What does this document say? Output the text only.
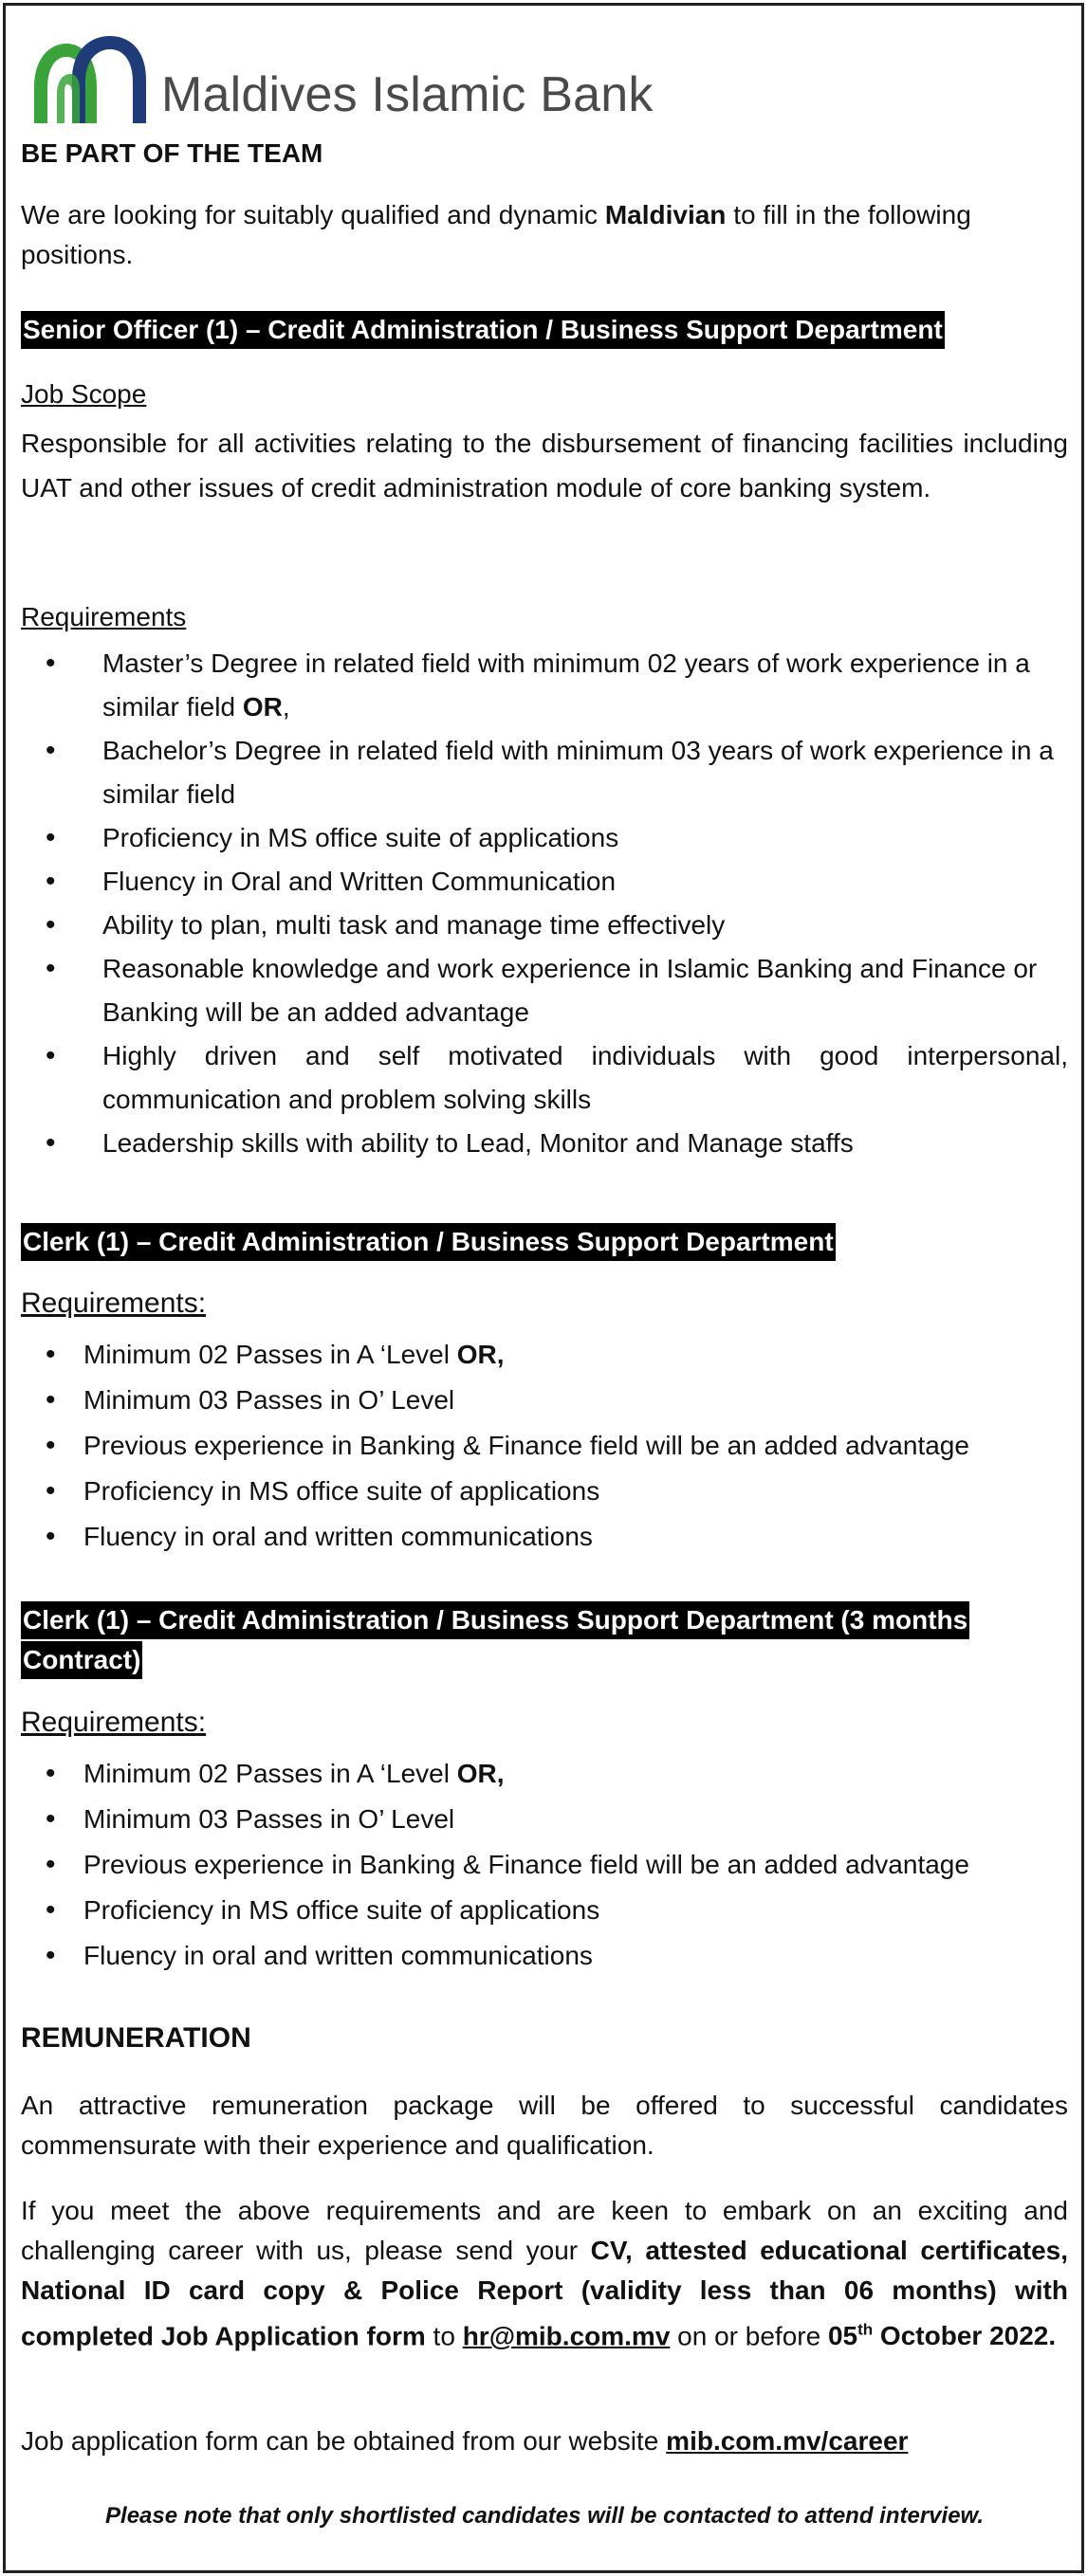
Maldives Islamic Bank
BE PART OF THE TEAM
We are looking for suitably qualified and dynamic Maldivian to fill in the following positions.
Senior Officer (1) – Credit Administration / Business Support Department
Job Scope
Responsible for all activities relating to the disbursement of financing facilities including UAT and other issues of credit administration module of core banking system.
Requirements
• Master’s Degree in related field with minimum 02 years of work experience in a similar field OR,
• Bachelor’s Degree in related field with minimum 03 years of work experience in a similar field
• Proficiency in MS office suite of applications
• Fluency in Oral and Written Communication
• Ability to plan, multi task and manage time effectively
• Reasonable knowledge and work experience in Islamic Banking and Finance or Banking will be an added advantage
• Highly driven and self motivated individuals with good interpersonal, communication and problem solving skills
• Leadership skills with ability to Lead, Monitor and Manage staffs
Clerk (1) – Credit Administration / Business Support Department
Requirements:
• Minimum 02 Passes in A ‘Level OR,
• Minimum 03 Passes in O’ Level
• Previous experience in Banking & Finance field will be an added advantage
• Proficiency in MS office suite of applications
• Fluency in oral and written communications
Clerk (1) – Credit Administration / Business Support Department (3 months
Contract)
Requirements:
• Minimum 02 Passes in A ‘Level OR,
• Minimum 03 Passes in O’ Level
• Previous experience in Banking & Finance field will be an added advantage
• Proficiency in MS office suite of applications
• Fluency in oral and written communications
REMUNERATION
An attractive remuneration package will be offered to successful candidates commensurate with their experience and qualification.
If you meet the above requirements and are keen to embark on an exciting and challenging career with us, please send your CV, attested educational certificates, National ID card copy & Police Report (validity less than 06 months) with completed Job Application form to hr@mib.com.mv on or before 05th October 2022.
Job application form can be obtained from our website mib.com.mv/career
Please note that only shortlisted candidates will be contacted to attend interview.
